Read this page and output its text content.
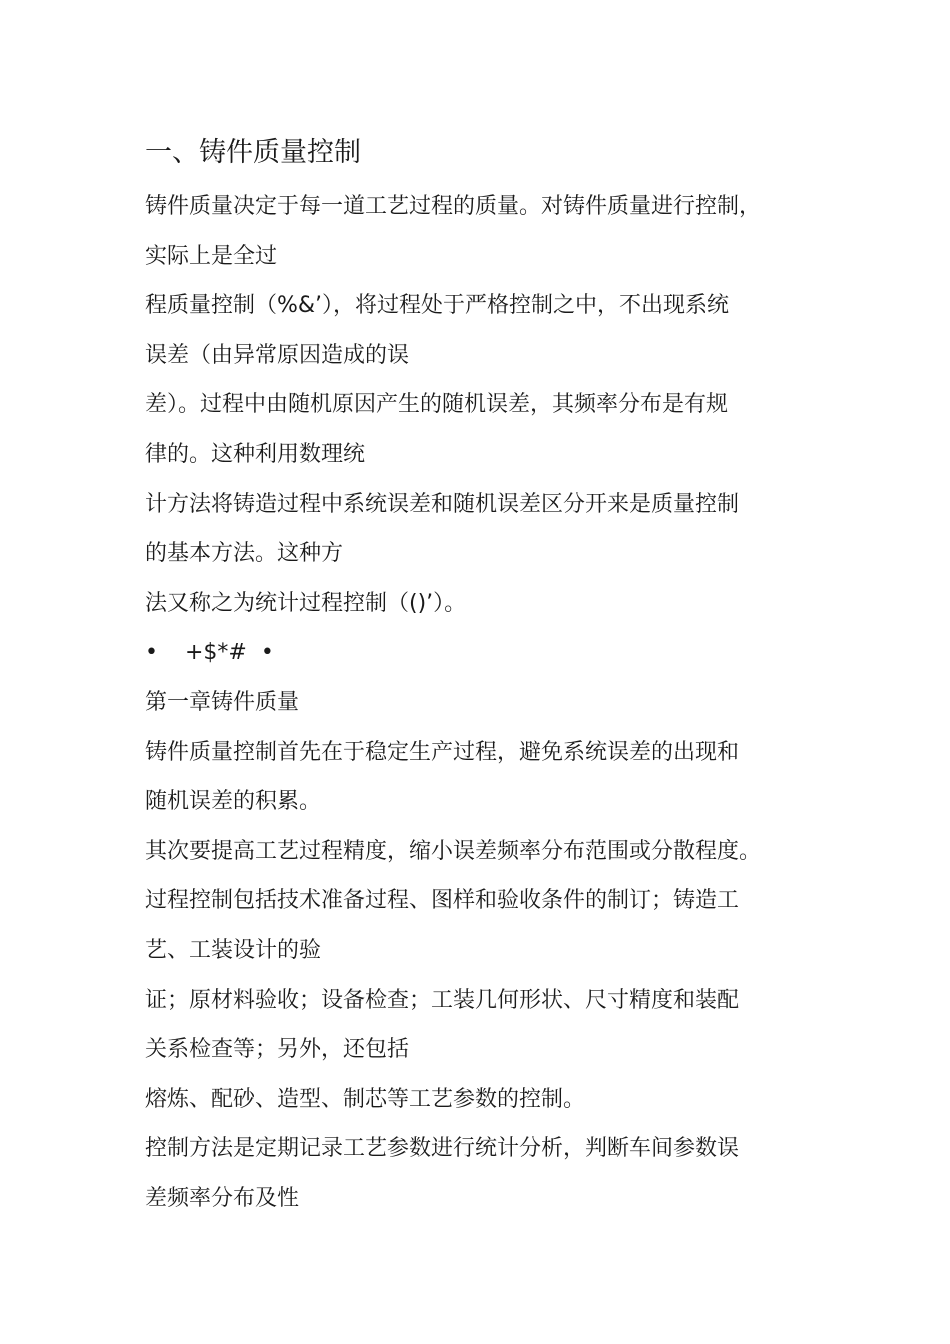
一、铸件质量控制

铸件质量决定于每一道工艺过程的质量。对铸件质量进行控制，

实际上是全过

程质量控制（%&’），将过程处于严格控制之中，不出现系统

误差（由异常原因造成的误

差）。过程中由随机原因产生的随机误差，其频率分布是有规

律的。这种利用数理统

计方法将铸造过程中系统误差和随机误差区分开来是质量控制

的基本方法。这种方

法又称之为统计过程控制（()’）。

• +$*# •

第一章铸件质量

铸件质量控制首先在于稳定生产过程，避免系统误差的出现和

随机误差的积累。

其次要提高工艺过程精度，缩小误差频率分布范围或分散程度。

过程控制包括技术准备过程、图样和验收条件的制订；铸造工

艺、工装设计的验

证；原材料验收；设备检查；工装几何形状、尺寸精度和装配

关系检查等；另外，还包括

熔炼、配砂、造型、制芯等工艺参数的控制。

控制方法是定期记录工艺参数进行统计分析，判断车间参数误

差频率分布及性
